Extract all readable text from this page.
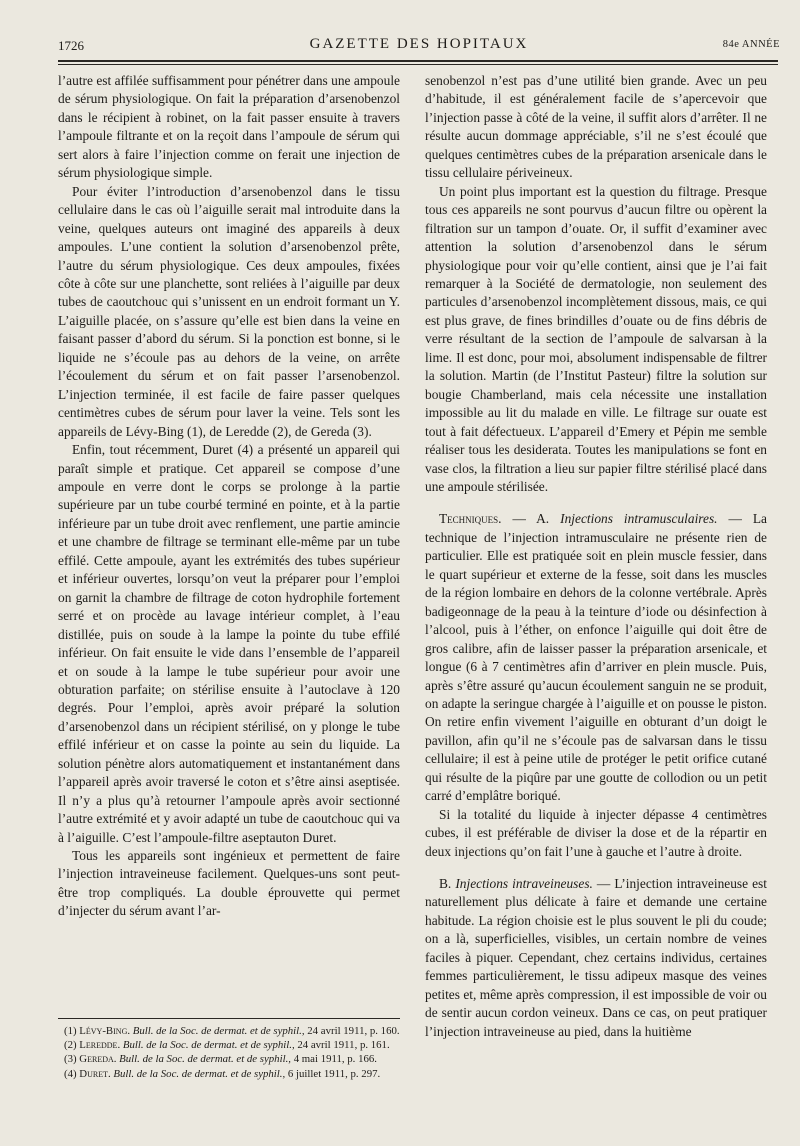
1726	GAZETTE DES HOPITAUX	84e ANNÉE

l’autre est affilée suffisamment pour pénétrer dans une ampoule de sérum physiologique. On fait la préparation d’arsenobenzol dans le récipient à robinet, on la fait passer ensuite à travers l’ampoule filtrante et on la reçoit dans l’ampoule de sérum qui sert alors à faire l’injection comme on ferait une injection de sérum physiologique simple.

Pour éviter l’introduction d’arsenobenzol dans le tissu cellulaire dans le cas où l’aiguille serait mal introduite dans la veine, quelques auteurs ont imaginé des appareils à deux ampoules. L’une contient la solution d’arsenobenzol prête, l’autre du sérum physiologique. Ces deux ampoules, fixées côte à côte sur une planchette, sont reliées à l’aiguille par deux tubes de caoutchouc qui s’unissent en un endroit formant un Y. L’aiguille placée, on s’assure qu’elle est bien dans la veine en faisant passer d’abord du sérum. Si la ponction est bonne, si le liquide ne s’écoule pas au dehors de la veine, on arrête l’écoulement du sérum et on fait passer l’arsenobenzol. L’injection terminée, il est facile de faire passer quelques centimètres cubes de sérum pour laver la veine. Tels sont les appareils de Lévy-Bing (1), de Leredde (2), de Gereda (3).

Enfin, tout récemment, Duret (4) a présenté un appareil qui paraît simple et pratique. Cet appareil se compose d’une ampoule en verre dont le corps se prolonge à la partie supérieure par un tube courbé terminé en pointe, et à la partie inférieure par un tube droit avec renflement, une partie amincie et une chambre de filtrage se terminant elle-même par un tube effilé. Cette ampoule, ayant les extrémités des tubes supérieur et inférieur ouvertes, lorsqu’on veut la préparer pour l’emploi on garnit la chambre de filtrage de coton hydrophile fortement serré et on procède au lavage intérieur complet, à l’eau distillée, puis on soude à la lampe la pointe du tube effilé inférieur. On fait ensuite le vide dans l’ensemble de l’appareil et on soude à la lampe le tube supérieur pour avoir une obturation parfaite; on stérilise ensuite à l’autoclave à 120 degrés. Pour l’emploi, après avoir préparé la solution d’arsenobenzol dans un récipient stérilisé, on y plonge le tube effilé inférieur et on casse la pointe au sein du liquide. La solution pénètre alors automatiquement et instantanément dans l’appareil après avoir traversé le coton et s’être ainsi aseptisée. Il n’y a plus qu’à retourner l’ampoule après avoir sectionné l’autre extrémité et y avoir adapté un tube de caoutchouc qui va à l’aiguille. C’est l’ampoule-filtre aseptauton Duret.

Tous les appareils sont ingénieux et permettent de faire l’injection intraveineuse facilement. Quelques-uns sont peut-être trop compliqués. La double éprouvette qui permet d’injecter du sérum avant l’ar-

(1) Lévy-Bing. Bull. de la Soc. de dermat. et de syphil., 24 avril 1911, p. 160.

(2) Leredde. Bull. de la Soc. de dermat. et de syphil., 24 avril 1911, p. 161.

(3) Gereda. Bull. de la Soc. de dermat. et de syphil., 4 mai 1911, p. 166.

(4) Duret. Bull. de la Soc. de dermat. et de syphil., 6 juillet 1911, p. 297.

senobenzol n’est pas d’une utilité bien grande. Avec un peu d’habitude, il est généralement facile de s’apercevoir que l’injection passe à côté de la veine, il suffit alors d’arrêter. Il ne résulte aucun dommage appréciable, s’il ne s’est écoulé que quelques centimètres cubes de la préparation arsenicale dans le tissu cellulaire périveineux.

Un point plus important est la question du filtrage. Presque tous ces appareils ne sont pourvus d’aucun filtre ou opèrent la filtration sur un tampon d’ouate. Or, il suffit d’examiner avec attention la solution d’arsenobenzol dans le sérum physiologique pour voir qu’elle contient, ainsi que je l’ai fait remarquer à la Société de dermatologie, non seulement des particules d’arsenobenzol incomplètement dissous, mais, ce qui est plus grave, de fines brindilles d’ouate ou de fins débris de verre résultant de la section de l’ampoule de salvarsan à la lime. Il est donc, pour moi, absolument indispensable de filtrer la solution. Martin (de l’Institut Pasteur) filtre la solution sur bougie Chamberland, mais cela nécessite une installation impossible au lit du malade en ville. Le filtrage sur ouate est tout à fait défectueux. L’appareil d’Emery et Pépin me semble réaliser tous les desiderata. Toutes les manipulations se font en vase clos, la filtration a lieu sur papier filtre stérilisé placé dans une ampoule stérilisée.

Techniques. — A. Injections intramusculaires. — La technique de l’injection intramusculaire ne présente rien de particulier. Elle est pratiquée soit en plein muscle fessier, dans le quart supérieur et externe de la fesse, soit dans les muscles de la région lombaire en dehors de la colonne vertébrale. Après badigeonnage de la peau à la teinture d’iode ou désinfection à l’alcool, puis à l’éther, on enfonce l’aiguille qui doit être de gros calibre, afin de laisser passer la préparation arsenicale, et longue (6 à 7 centimètres afin d’arriver en plein muscle. Puis, après s’être assuré qu’aucun écoulement sanguin ne se produit, on adapte la seringue chargée à l’aiguille et on pousse le piston. On retire enfin vivement l’aiguille en obturant d’un doigt le pavillon, afin qu’il ne s’écoule pas de salvarsan dans le tissu cellulaire; il est à peine utile de protéger le petit orifice cutané qui résulte de la piqûre par une goutte de collodion ou un petit carré d’emplâtre boriqué.

Si la totalité du liquide à injecter dépasse 4 centimètres cubes, il est préférable de diviser la dose et de la répartir en deux injections qu’on fait l’une à gauche et l’autre à droite.

B. Injections intraveineuses. — L’injection intraveineuse est naturellement plus délicate à faire et demande une certaine habitude. La région choisie est le plus souvent le pli du coude; on a là, superficielles, visibles, un certain nombre de veines faciles à piquer. Cependant, chez certains individus, certaines femmes particulièrement, le tissu adipeux masque des veines petites et, même après compression, il est impossible de voir ou de sentir aucun cordon veineux. Dans ce cas, on peut pratiquer l’injection intraveineuse au pied, dans la huitième
